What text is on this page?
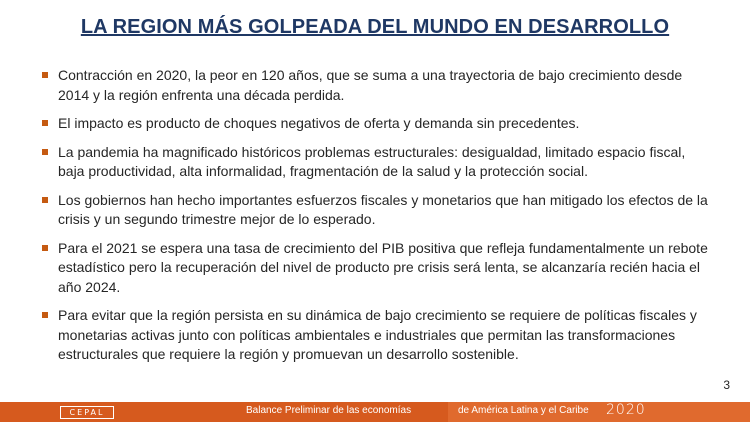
LA REGION MÁS GOLPEADA DEL MUNDO EN DESARROLLO
Contracción en 2020, la peor en 120 años, que se suma a una trayectoria de bajo crecimiento desde 2014 y la región enfrenta una década perdida.
El impacto es producto de choques negativos de oferta y demanda sin precedentes.
La pandemia ha magnificado históricos problemas estructurales: desigualdad, limitado espacio fiscal, baja productividad, alta informalidad, fragmentación de la salud y la protección social.
Los gobiernos han hecho importantes esfuerzos fiscales y monetarios que han mitigado los efectos de la crisis y un segundo trimestre mejor de lo esperado.
Para el 2021 se espera una tasa de crecimiento del PIB positiva que refleja fundamentalmente un rebote estadístico pero la recuperación del nivel de producto pre crisis será lenta, se alcanzaría recién hacia el año 2024.
Para evitar que la región persista en su dinámica de bajo crecimiento se requiere de políticas fiscales y monetarias activas junto con políticas ambientales e industriales que permitan las transformaciones estructurales que requiere la región y promuevan un desarrollo sostenible.
3
CEPAL	Balance Preliminar de las economías	de América Latina y el Caribe 2020
